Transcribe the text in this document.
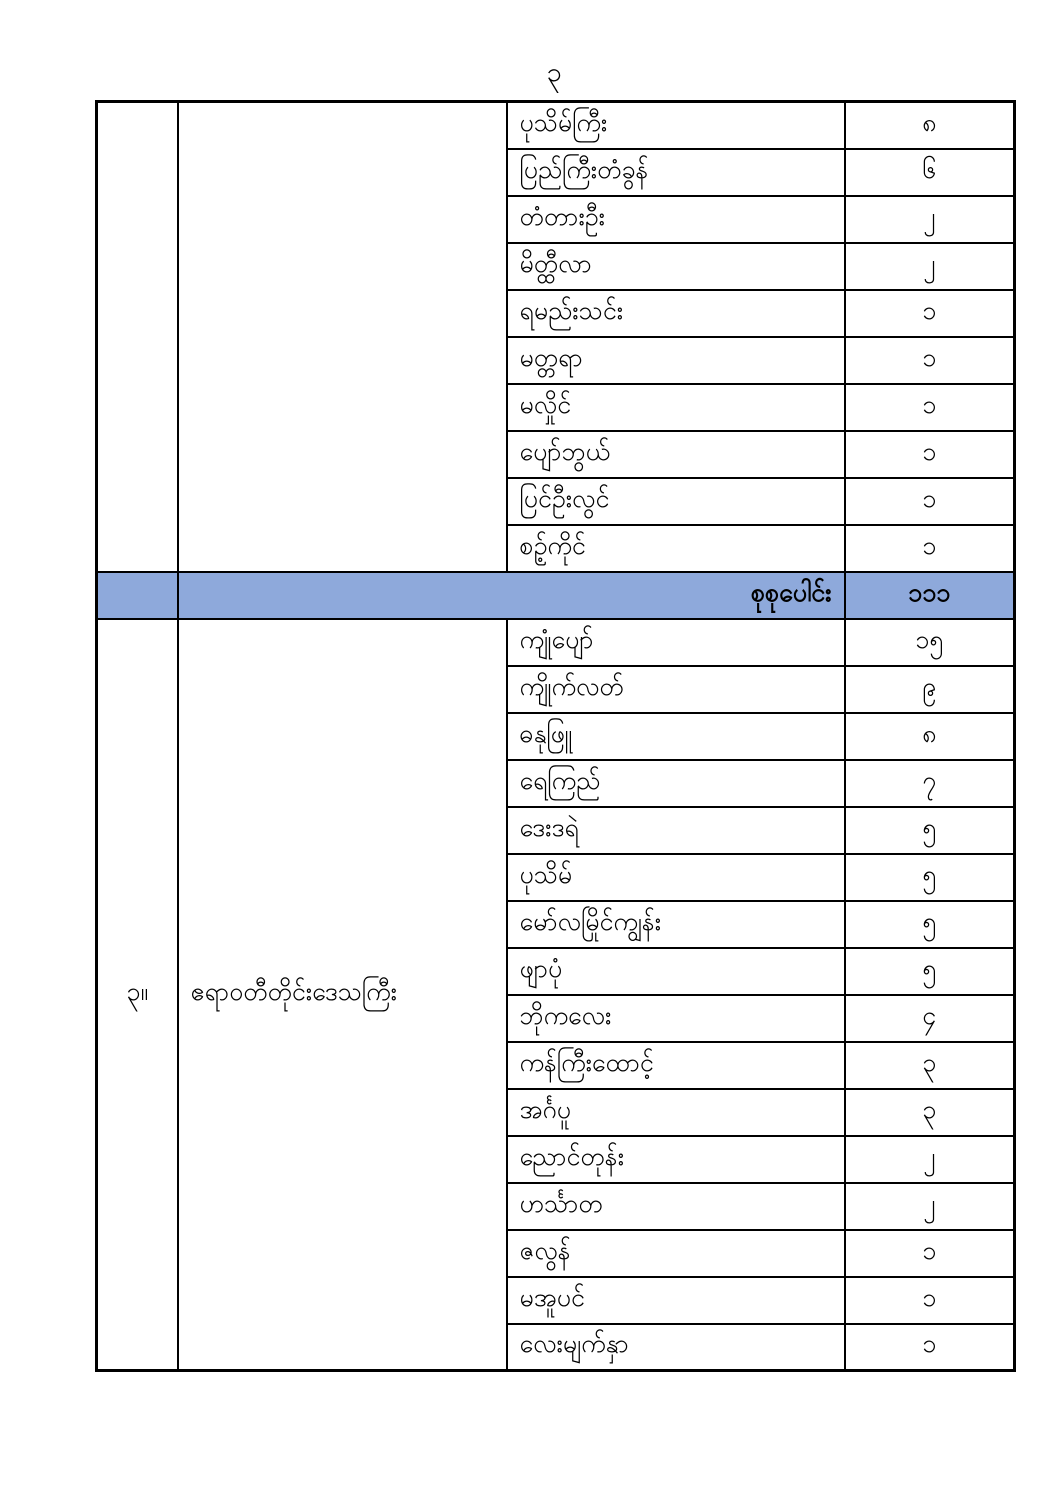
၃
		ပုသိမ်ကြီး	၈
		ပြည်ကြီးတံခွန်	၆
		တံတားဦး	၂
		မိတ္ထီလာ	၂
		ရမည်းသင်း	၁
		မတ္တရာ	၁
		မလှိုင်	၁
		ပျော်ဘွယ်	၁
		ပြင်ဦးလွင်	၁
		စဉ့်ကိုင်	၁
	စုစုပေါင်း		၁၁၁
၃။	ဧရာဝတီတိုင်းဒေသကြီး	ကျုံပျော်	၁၅
		ကျိုက်လတ်	၉
		ဓနုဖြူ	၈
		ရေကြည်	၇
		ဒေးဒရဲ	၅
		ပုသိမ်	၅
		မော်လမြိုင်ကျွန်း	၅
		ဖျာပုံ	၅
		ဘိုကလေး	၄
		ကန်ကြီးထောင့်	၃
		အင်္ဂပူ	၃
		ညောင်တုန်း	၂
		ဟင်္သာတ	၂
		ဇလွန်	၁
		မအူပင်	၁
		လေးမျက်နှာ	၁
